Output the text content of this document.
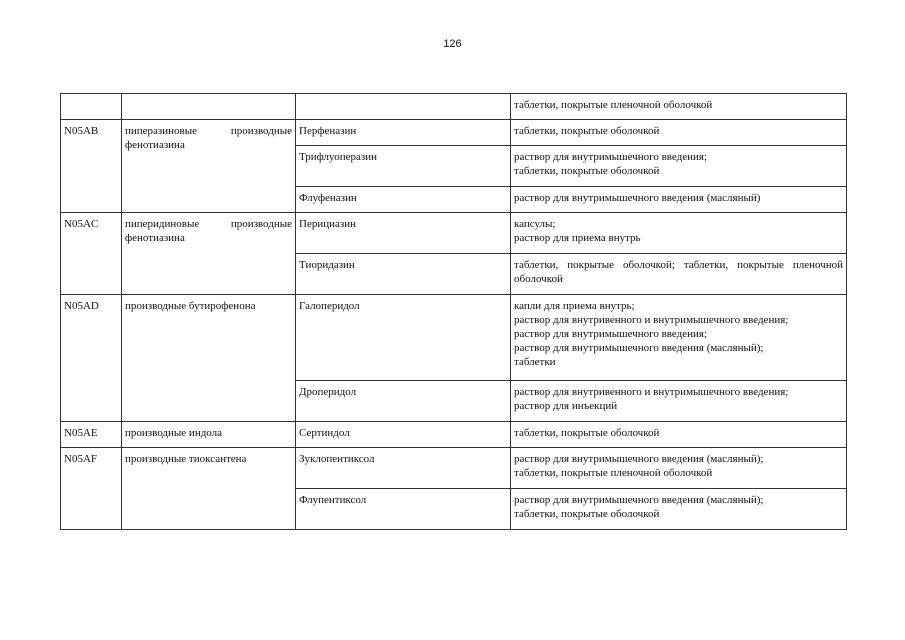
126

			таблетки, покрытые пленочной оболочкой

N05AB	пиперазиновые производные фенотиазина	Перфеназин	таблетки, покрытые оболочкой

		Трифлуоперазин	раствор для внутримышечного введения;
таблетки, покрытые оболочкой

		Флуфеназин	раствор для внутримышечного введения (масляный)

N05AC	пиперидиновые производные фенотиазина	Перициазин	капсулы;
раствор для приема внутрь

		Тиоридазин	таблетки, покрытые оболочкой; таблетки, покрытые пленочной оболочкой

N05AD	производные бутирофенона	Галоперидол	капли для приема внутрь;
раствор для внутривенного и внутримышечного введения;
раствор для внутримышечного введения;
раствор для внутримышечного введения (масляный);
таблетки

		Дроперидол	раствор для внутривенного и внутримышечного введения;
раствор для инъекций

N05AE	производные индола	Сертиндол	таблетки, покрытые оболочкой

N05AF	производные тиоксантена	Зуклопентиксол	раствор для внутримышечного введения (масляный);
таблетки, покрытые пленочной оболочкой

		Флупентиксол	раствор для внутримышечного введения (масляный);
таблетки, покрытые оболочкой
